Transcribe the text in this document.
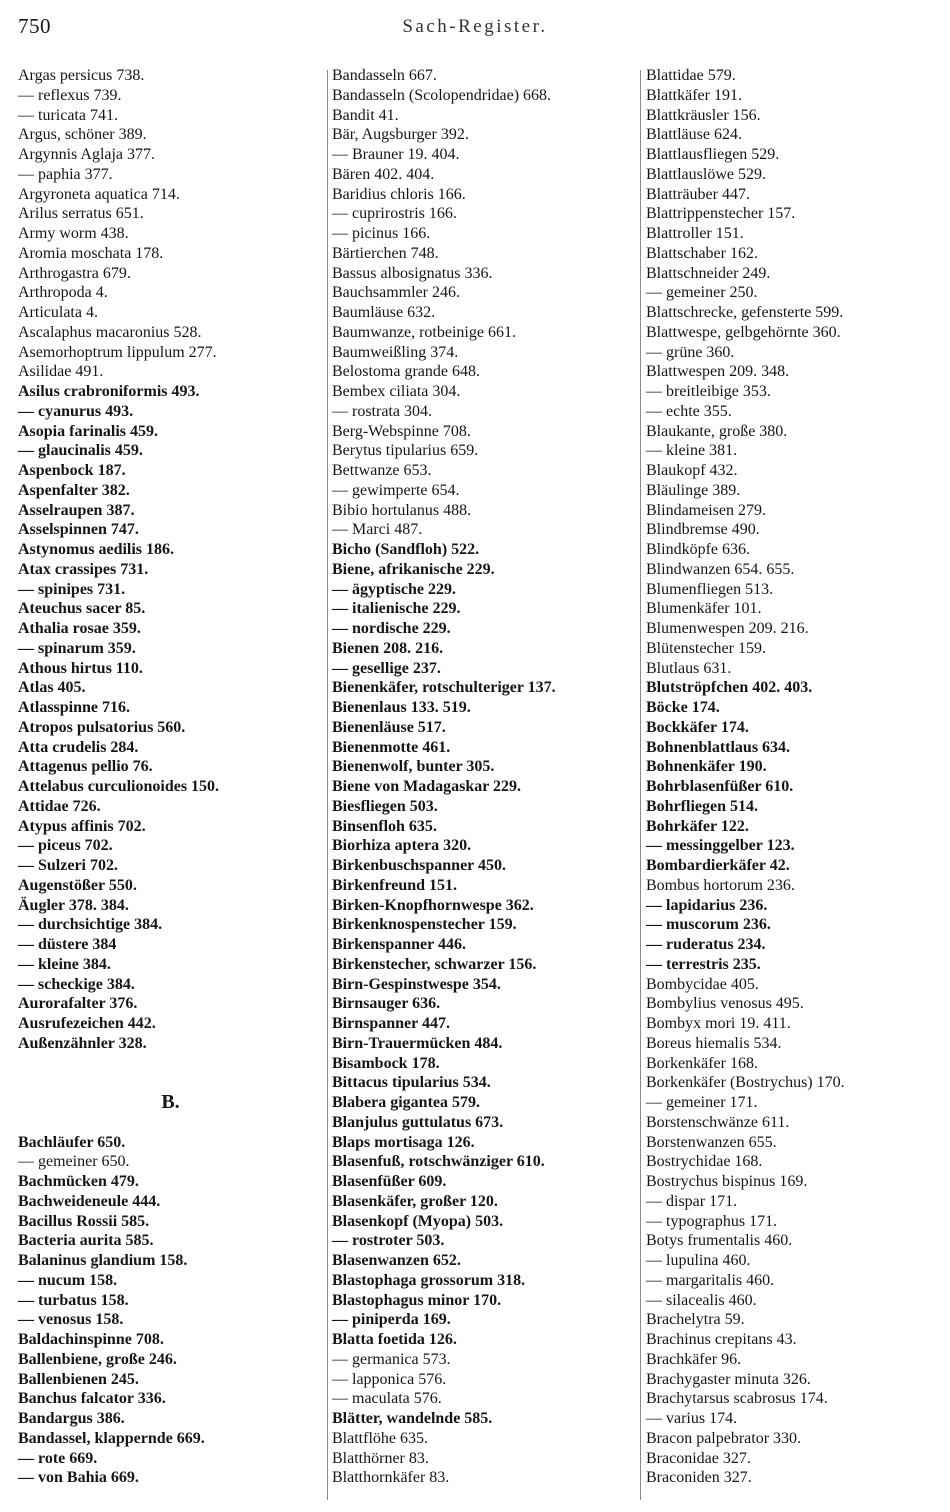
750	Sach-Register.
Argas persicus 738.
— reflexus 739.
— turicata 741.
Argus, schöner 389.
Argynnis Aglaja 377.
— paphia 377.
Argyroneta aquatica 714.
Arilus serratus 651.
Army worm 438.
Aromia moschata 178.
Arthrogastra 679.
Arthropoda 4.
Articulata 4.
Ascalaphus macaronius 528.
Asemorhoptrum lippulum 277.
Asilidae 491.
Asilus crabroniformis 493.
— cyanurus 493.
Asopia farinalis 459.
— glaucinalis 459.
Aspenbock 187.
Aspenfalter 382.
Asselraupen 387.
Asselspinnen 747.
Astynomus aedilis 186.
Atax crassipes 731.
— spinipes 731.
Ateuchus sacer 85.
Athalia rosae 359.
— spinarum 359.
Athous hirtus 110.
Atlas 405.
Atlasspinne 716.
Atropos pulsatorius 560.
Atta crudelis 284.
Attagenus pellio 76.
Attelabus curculionoides 150.
Attidae 726.
Atypus affinis 702.
— piceus 702.
— Sulzeri 702.
Augenstößer 550.
Äugler 378. 384.
— durchsichtige 384.
— düstere 384
— kleine 384.
— scheckige 384.
Aurorafalter 376.
Ausrufezeichen 442.
Außenzähnler 328.
B.
Bachläufer 650.
— gemeiner 650.
Bachmücken 479.
Bachweideneule 444.
Bacillus Rossii 585.
Bacteria aurita 585.
Balaninus glandium 158.
— nucum 158.
— turbatus 158.
— venosus 158.
Baldachinspinne 708.
Ballenbiene, große 246.
Ballenbienen 245.
Banchus falcator 336.
Bandargus 386.
Bandassel, klappernde 669.
— rote 669.
— von Bahia 669.
Bandasseln 667.
Bandasseln (Scolopendridae) 668.
Bandit 41.
Bär, Augsburger 392.
— Brauner 19. 404.
Bären 402. 404.
Baridius chloris 166.
— cuprirostris 166.
— picinus 166.
Bärtierchen 748.
Bassus albosignatus 336.
Bauchsammler 246.
Baumläuse 632.
Baumwanze, rotbeinige 661.
Baumweißling 374.
Belostoma grande 648.
Bembex ciliata 304.
— rostrata 304.
Berg-Webspinne 708.
Berytus tipularius 659.
Bettwanze 653.
— gewimperte 654.
Bibio hortulanus 488.
— Marci 487.
Bicho (Sandfloh) 522.
Biene, afrikanische 229.
— ägyptische 229.
— italienische 229.
— nordische 229.
Bienen 208. 216.
— gesellige 237.
Bienenkäfer, rotschulteriger 137.
Bienenlaus 133. 519.
Bienenläuse 517.
Bienenmotte 461.
Bienenwolf, bunter 305.
Biene von Madagaskar 229.
Biesfliegen 503.
Binsenfloh 635.
Biorhiza aptera 320.
Birkenbuschspanner 450.
Birkenfreund 151.
Birken-Knopfhornwespe 362.
Birkenknospenstecher 159.
Birkenspanner 446.
Birkenstecher, schwarzer 156.
Birn-Gespinstwespe 354.
Birnsauger 636.
Birnspanner 447.
Birn-Trauermücken 484.
Bisambock 178.
Bittacus tipularius 534.
Blabera gigantea 579.
Blanjulus guttulatus 673.
Blaps mortisaga 126.
Blasenfuß, rotschwänziger 610.
Blasenfüßer 609.
Blasenkäfer, großer 120.
Blasenkopf (Myopa) 503.
— rostroter 503.
Blasenwanzen 652.
Blastophaga grossorum 318.
Blastophagus minor 170.
— piniperda 169.
Blatta foetida 126.
— germanica 573.
— lapponica 576.
— maculata 576.
Blätter, wandelnde 585.
Blattflöhe 635.
Blatthörner 83.
Blatthornkäfer 83.
Blattidae 579.
Blattkäfer 191.
Blattkräusler 156.
Blattläuse 624.
Blattlausfliegen 529.
Blattlauslöwe 529.
Blatträuber 447.
Blattrippenstecher 157.
Blattroller 151.
Blattschaber 162.
Blattschneider 249.
— gemeiner 250.
Blattschrecke, gefensterte 599.
Blattwespe, gelbgehörnte 360.
— grüne 360.
Blattwespen 209. 348.
— breitleibige 353.
— echte 355.
Blaukante, große 380.
— kleine 381.
Blaukopf 432.
Bläulinge 389.
Blindameisen 279.
Blindbremse 490.
Blindköpfe 636.
Blindwanzen 654. 655.
Blumenfliegen 513.
Blumenkäfer 101.
Blumenwespen 209. 216.
Blütenstecher 159.
Blutlaus 631.
Blutströpfchen 402. 403.
Böcke 174.
Bockkäfer 174.
Bohnenblattlaus 634.
Bohnenkäfer 190.
Bohrblasenfüßer 610.
Bohrfliegen 514.
Bohrkäfer 122.
— messinggelber 123.
Bombardierkäfer 42.
Bombus hortorum 236.
— lapidarius 236.
— muscorum 236.
— ruderatus 234.
— terrestris 235.
Bombycidae 405.
Bombylius venosus 495.
Bombyx mori 19. 411.
Boreus hiemalis 534.
Borkenkäfer 168.
Borkenkäfer (Bostrychus) 170.
— gemeiner 171.
Borstenschwänze 611.
Borstenwanzen 655.
Bostrychidae 168.
Bostrychus bispinus 169.
— dispar 171.
— typographus 171.
Botys frumentalis 460.
— lupulina 460.
— margaritalis 460.
— silacealis 460.
Brachelytra 59.
Brachinus crepitans 43.
Brachkäfer 96.
Brachygaster minuta 326.
Brachytarsus scabrosus 174.
— varius 174.
Bracon palpebrator 330.
Braconidae 327.
Braconiden 327.
